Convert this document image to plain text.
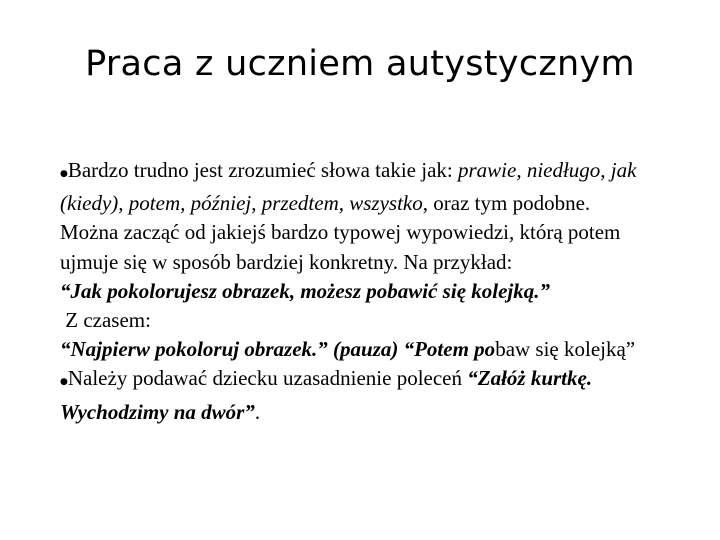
Praca z uczniem autystycznym

●Bardzo trudno jest zrozumieć słowa takie jak: prawie, niedługo, jak (kiedy), potem, później, przedtem, wszystko, oraz tym podobne.

Można zacząć od jakiejś bardzo typowej wypowiedzi, którą potem ujmuje się w sposób bardziej konkretny. Na przykład:

“Jak pokolorujesz obrazek, możesz pobawić się kolejką.”

Z czasem:

“Najpierw pokoloruj obrazek.” (pauza) “Potem pobaw się kolejką”

●Należy podawać dziecku uzasadnienie poleceń “Załóż kurtkę. Wychodzimy na dwór”.
